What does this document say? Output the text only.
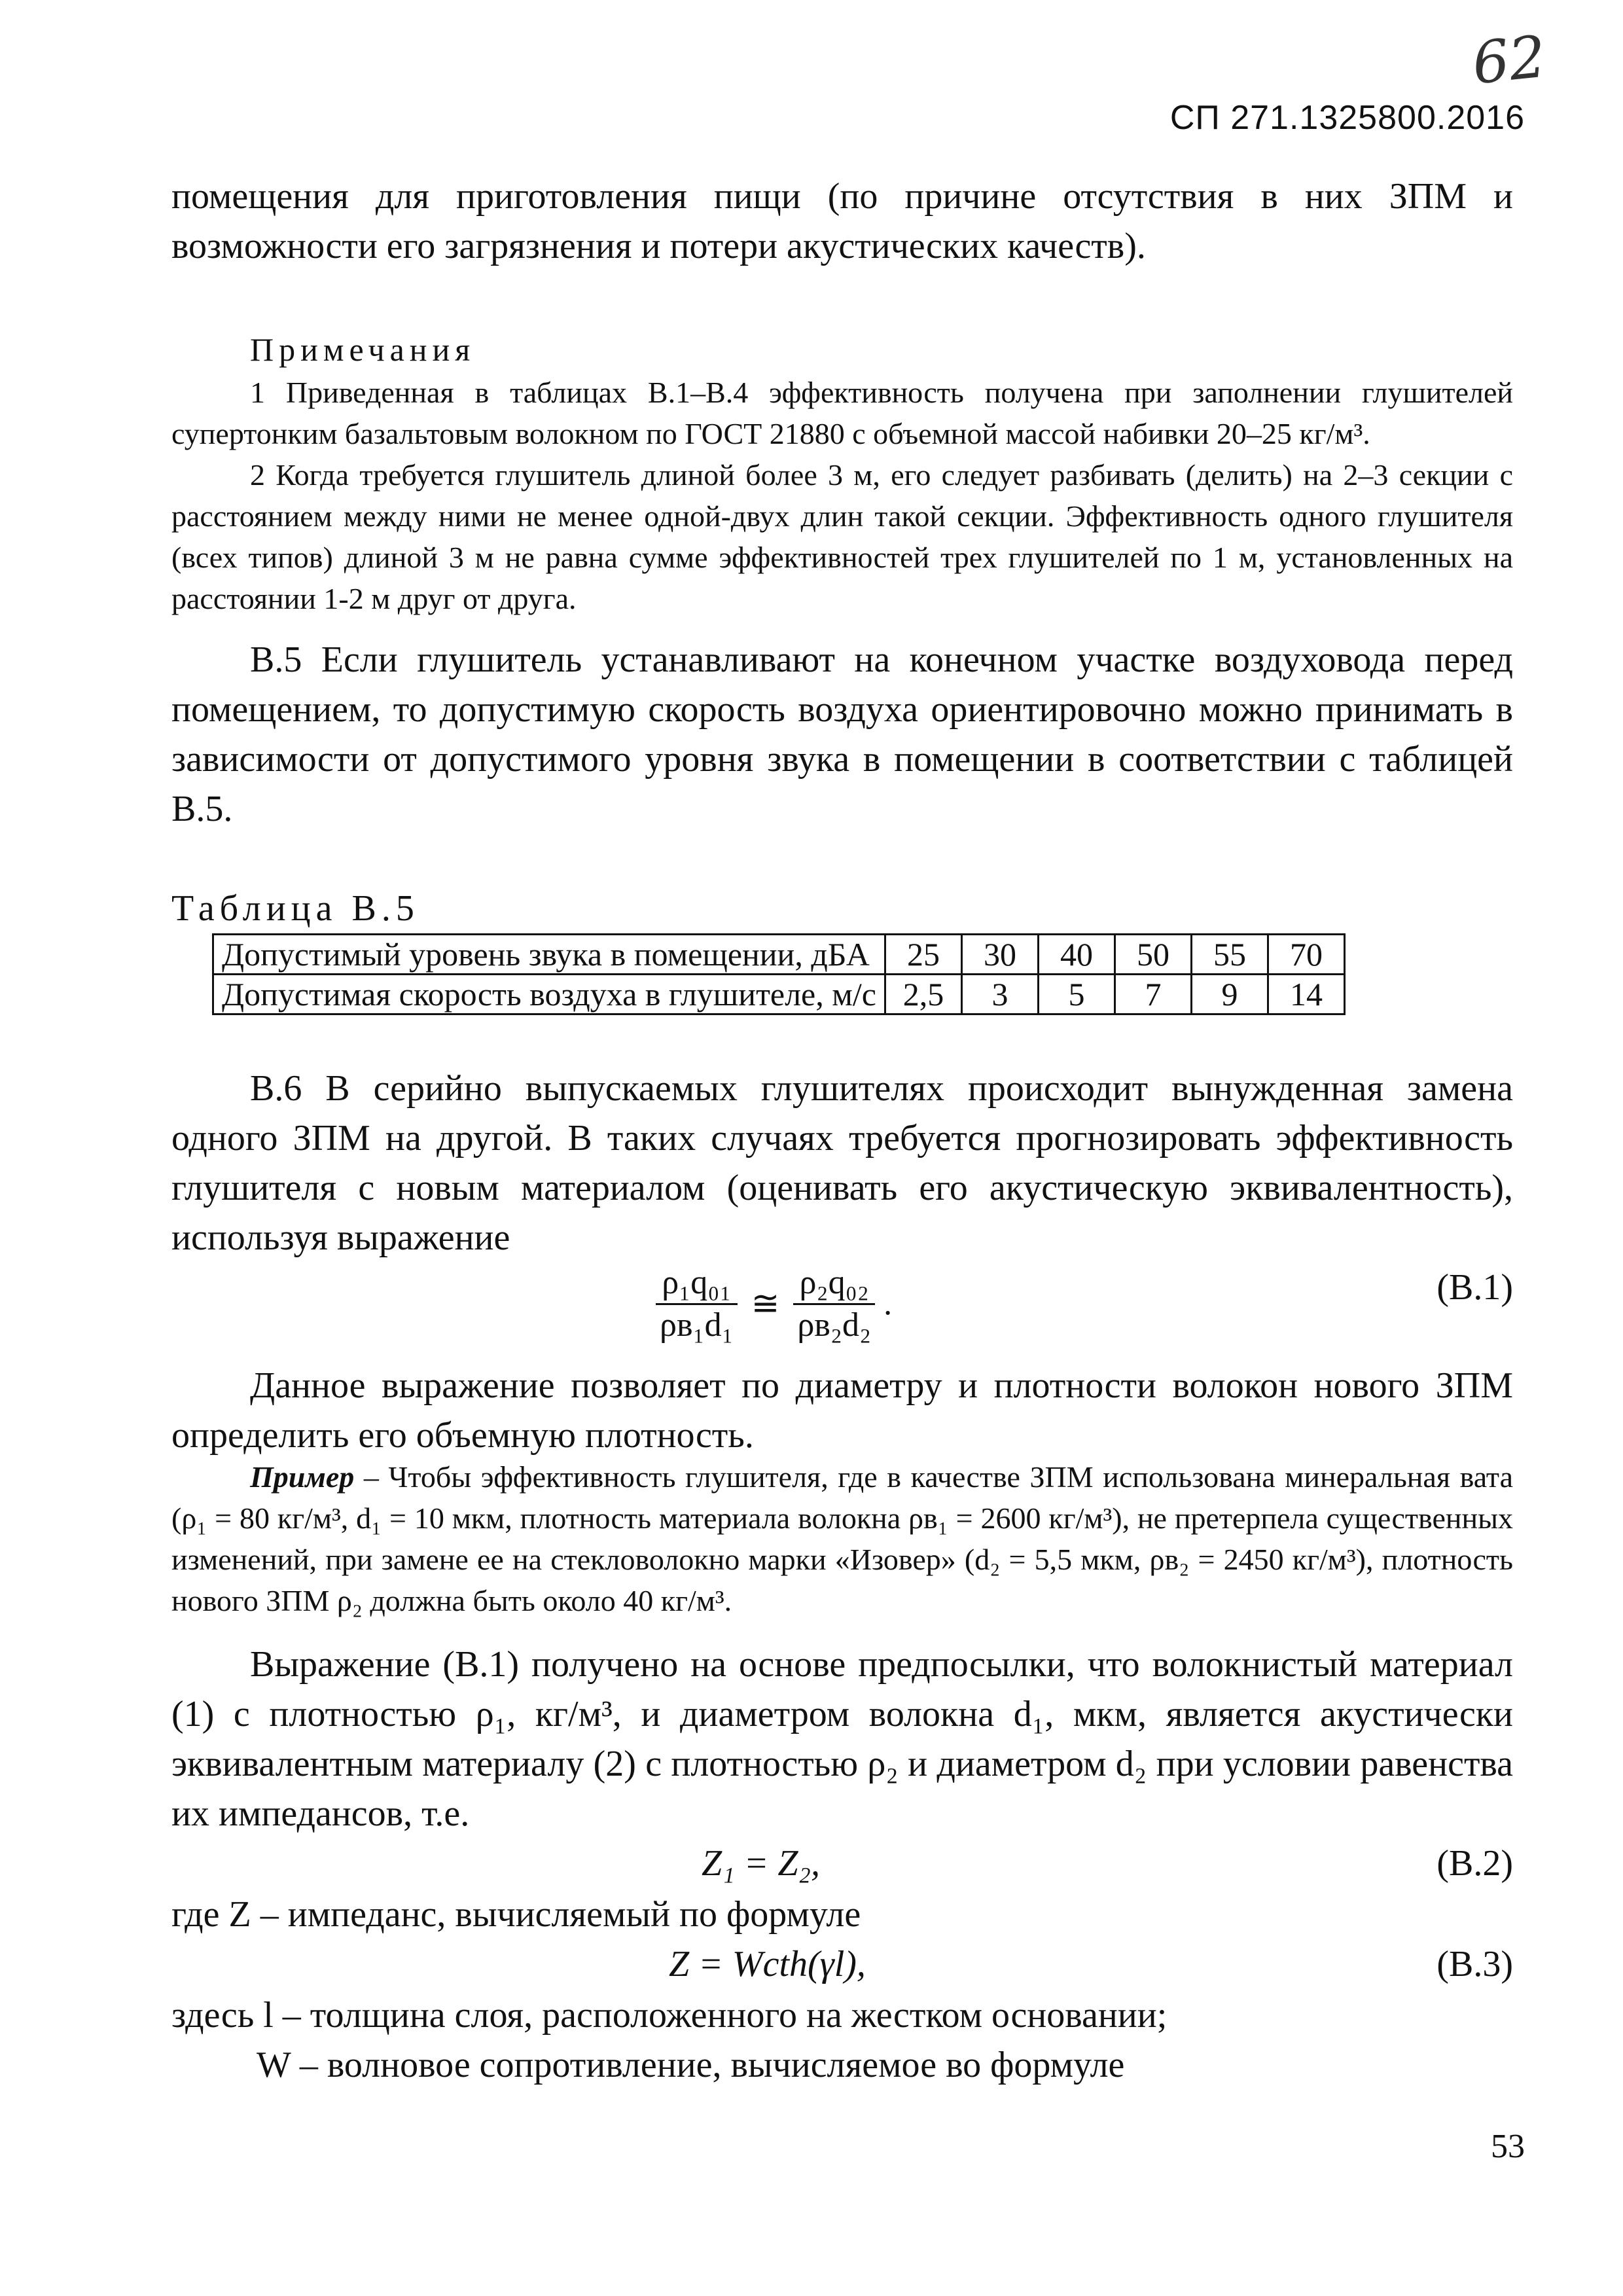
62
СП 271.1325800.2016

помещения для приготовления пищи (по причине отсутствия в них ЗПМ и возможности его загрязнения и потери акустических качеств).

Примечания

1 Приведенная в таблицах В.1–В.4 эффективность получена при заполнении глушителей супертонким базальтовым волокном по ГОСТ 21880 с объемной массой набивки 20–25 кг/м³.

2 Когда требуется глушитель длиной более 3 м, его следует разбивать (делить) на 2–3 секции с расстоянием между ними не менее одной-двух длин такой секции. Эффективность одного глушителя (всех типов) длиной 3 м не равна сумме эффективностей трех глушителей по 1 м, установленных на расстоянии 1-2 м друг от друга.

В.5 Если глушитель устанавливают на конечном участке воздуховода перед помещением, то допустимую скорость воздуха ориентировочно можно принимать в зависимости от допустимого уровня звука в помещении в соответствии с таблицей В.5.

Таблица В.5

Допустимый уровень звука в помещении, дБА	25	30	40	50	55	70
Допустимая скорость воздуха в глушителе, м/с	2,5	3	5	7	9	14

В.6 В серийно выпускаемых глушителях происходит вынужденная замена одного ЗПМ на другой. В таких случаях требуется прогнозировать эффективность глушителя с новым материалом (оценивать его акустическую эквивалентность), используя выражение

$\frac{\text{ρ₁q₀₁}}{\text{ρв₁d₁}}$ ≅ $\frac{\text{ρ₂q₀₂}}{\text{ρв₂d₂}}$ .	(В.1)

Данное выражение позволяет по диаметру и плотности волокон нового ЗПМ определить его объемную плотность.

Пример – Чтобы эффективность глушителя, где в качестве ЗПМ использована минеральная вата (ρ₁ = 80 кг/м³, d₁ = 10 мкм, плотность материала волокна ρв₁ = 2600 кг/м³), не претерпела существенных изменений, при замене ее на стекловолокно марки «Изовер» (d₂ = 5,5 мкм, ρв₂ = 2450 кг/м³), плотность нового ЗПМ ρ₂ должна быть около 40 кг/м³.

Выражение (В.1) получено на основе предпосылки, что волокнистый материал (1) с плотностью ρ₁, кг/м³, и диаметром волокна d₁, мкм, является акустически эквивалентным материалу (2) с плотностью ρ₂ и диаметром d₂ при условии равенства их импедансов, т.е.

Z₁ = Z₂,	(В.2)

где Z – импеданс, вычисляемый по формуле

Z = Wcth(γl),	(В.3)

здесь l – толщина слоя, расположенного на жестком основании;

W – волновое сопротивление, вычисляемое во формуле

53
